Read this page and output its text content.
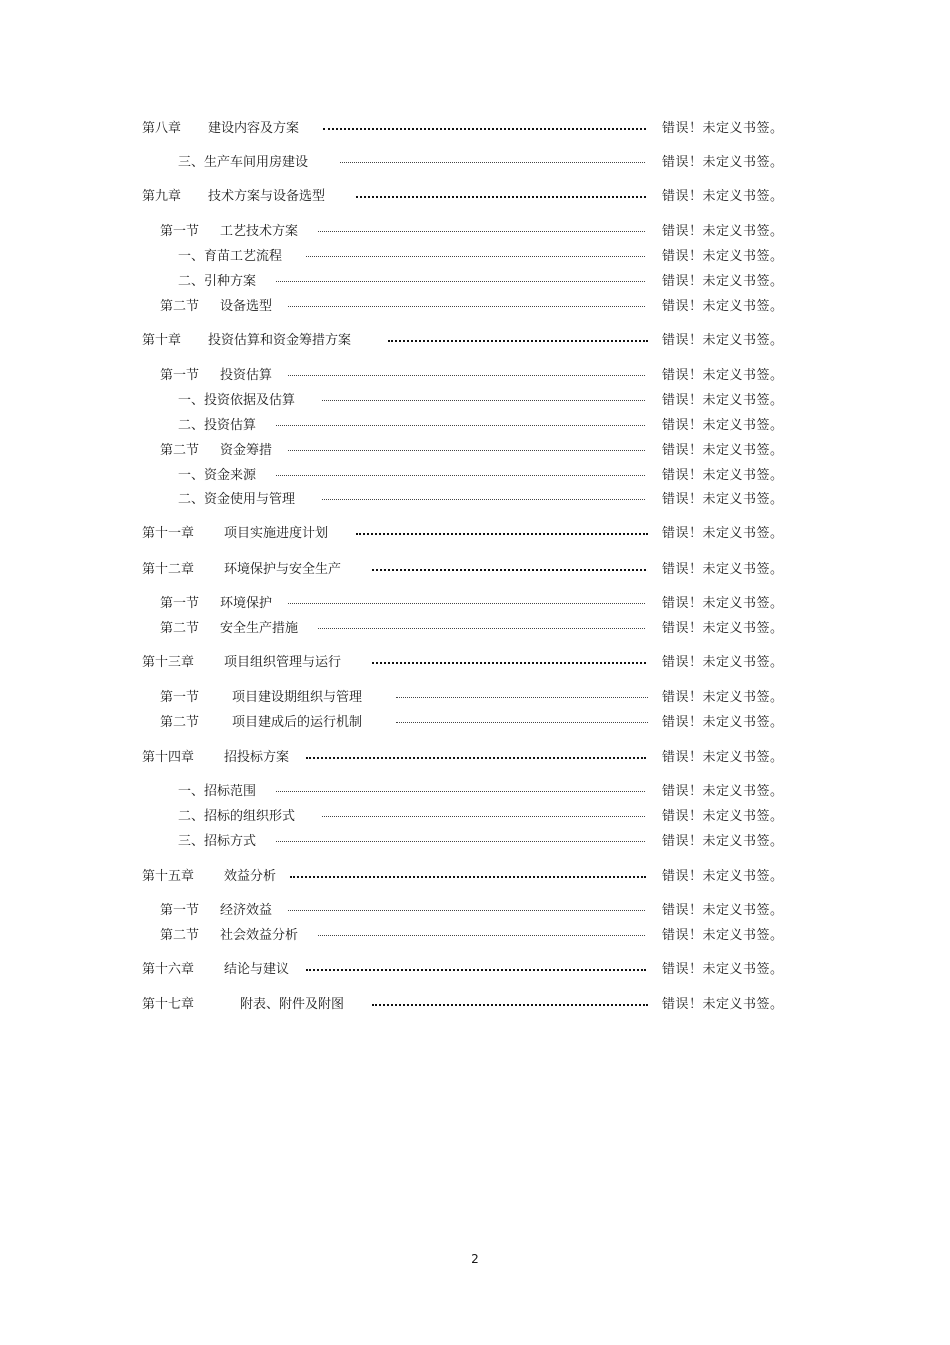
第八章 建设内容及方案	错误！未定义书签。
三、生产车间用房建设	错误！未定义书签。
第九章 技术方案与设备选型	错误！未定义书签。
第一节 工艺技术方案	错误！未定义书签。
一、育苗工艺流程	错误！未定义书签。
二、引种方案	错误！未定义书签。
第二节 设备选型	错误！未定义书签。
第十章 投资估算和资金筹措方案	错误！未定义书签。
第一节 投资估算	错误！未定义书签。
一、投资依据及估算	错误！未定义书签。
二、投资估算	错误！未定义书签。
第二节 资金筹措	错误！未定义书签。
一、资金来源	错误！未定义书签。
二、资金使用与管理	错误！未定义书签。
第十一章 项目实施进度计划	错误！未定义书签。
第十二章 环境保护与安全生产	错误！未定义书签。
第一节 环境保护	错误！未定义书签。
第二节 安全生产措施	错误！未定义书签。
第十三章 项目组织管理与运行	错误！未定义书签。
第一节	项目建设期组织与管理	错误！未定义书签。
第二节	项目建成后的运行机制	错误！未定义书签。
第十四章 招投标方案	错误！未定义书签。
一、招标范围	错误！未定义书签。
二、招标的组织形式	错误！未定义书签。
三、招标方式	错误！未定义书签。
第十五章 效益分析	错误！未定义书签。
第一节 经济效益	错误！未定义书签。
第二节 社会效益分析	错误！未定义书签。
第十六章 结论与建议	错误！未定义书签。
第十七章	附表、附件及附图	错误！未定义书签。
2
